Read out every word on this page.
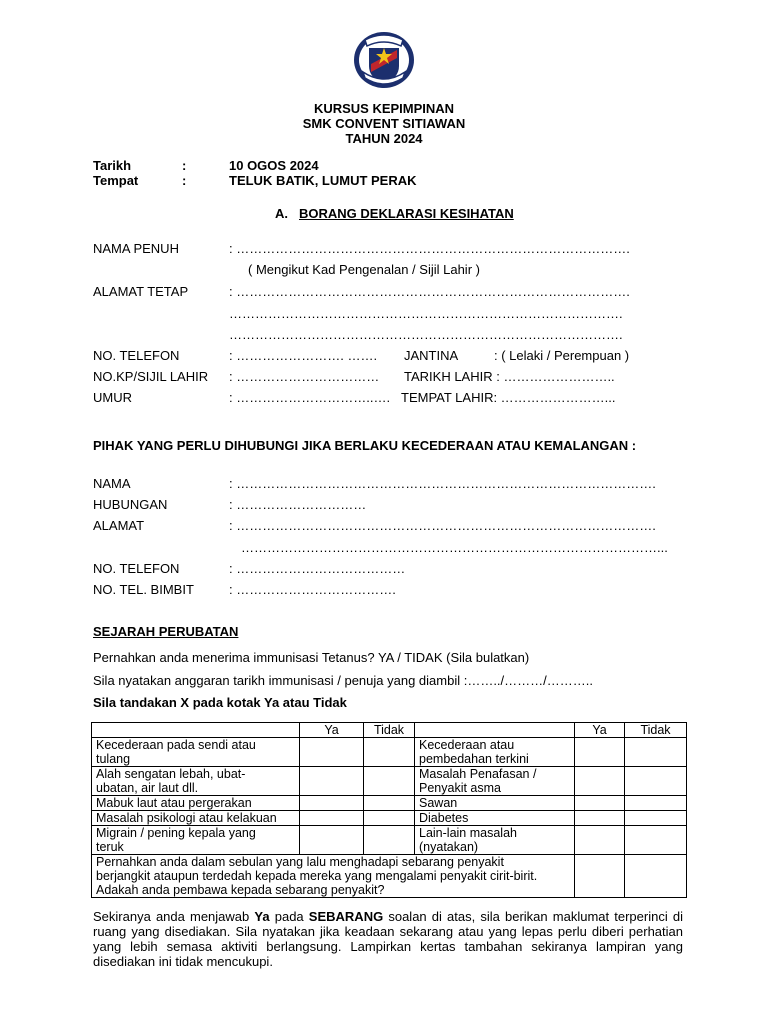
KURSUS KEPIMPINAN
SMK CONVENT SITIAWAN
TAHUN 2024
Tarikh	:	10 OGOS 2024
Tempat	:	TELUK BATIK, LUMUT PERAK
A. BORANG DEKLARASI KESIHATAN
NAMA PENUH	: ……………………………………………………………………………….
( Mengikut Kad Pengenalan / Sijil Lahir )
ALAMAT TETAP	: ……………………………………………………………………………….
……………………………………………………………………………….
……………………………………………………………………………….
NO. TELEFON	: ……………………. ……. JANTINA	: ( Lelaki / Perempuan )
NO.KP/SIJIL LAHIR : …………………………… TARIKH LAHIR : ……………………..
UMUR	: …………………………..…. TEMPAT LAHIR: ……………………...
PIHAK YANG PERLU DIHUBUNGI JIKA BERLAKU KECEDERAAN ATAU KEMALANGAN :
NAMA	: …………………………………………………………………………………….
HUBUNGAN	: …………………………
ALAMAT	: …………………………………………………………………………………….
……………………………………………………………………………………...
NO. TELEFON	: …………………………………
NO. TEL. BIMBIT	: ……………………………….
SEJARAH PERUBATAN
Pernahkan anda menerima immunisasi Tetanus? YA / TIDAK (Sila bulatkan)
Sila nyatakan anggaran tarikh immunisasi / penuja yang diambil :……../………/………..
Sila tandakan X pada kotak Ya atau Tidak
	Ya	Tidak		Ya	Tidak
Kecederaan pada sendi atau
tulang			Kecederaan atau
pembedahan terkini		
Alah sengatan lebah, ubat-
ubatan, air laut dll.			Masalah Penafasan /
Penyakit asma		
Mabuk laut atau pergerakan			Sawan		
Masalah psikologi atau kelakuan			Diabetes		
Migrain / pening kepala yang
teruk			Lain-lain masalah
(nyatakan)		
Pernahkan anda dalam sebulan yang lalu menghadapi sebarang penyakit
berjangkit ataupun terdedah kepada mereka yang mengalami penyakit cirit-birit.
Adakah anda pembawa kepada sebarang penyakit?					
Sekiranya anda menjawab Ya pada SEBARANG soalan di atas, sila berikan maklumat terperinci di ruang yang disediakan. Sila nyatakan jika keadaan sekarang atau yang lepas perlu diberi perhatian yang lebih semasa aktiviti berlangsung. Lampirkan kertas tambahan sekiranya lampiran yang disediakan ini tidak mencukupi.
